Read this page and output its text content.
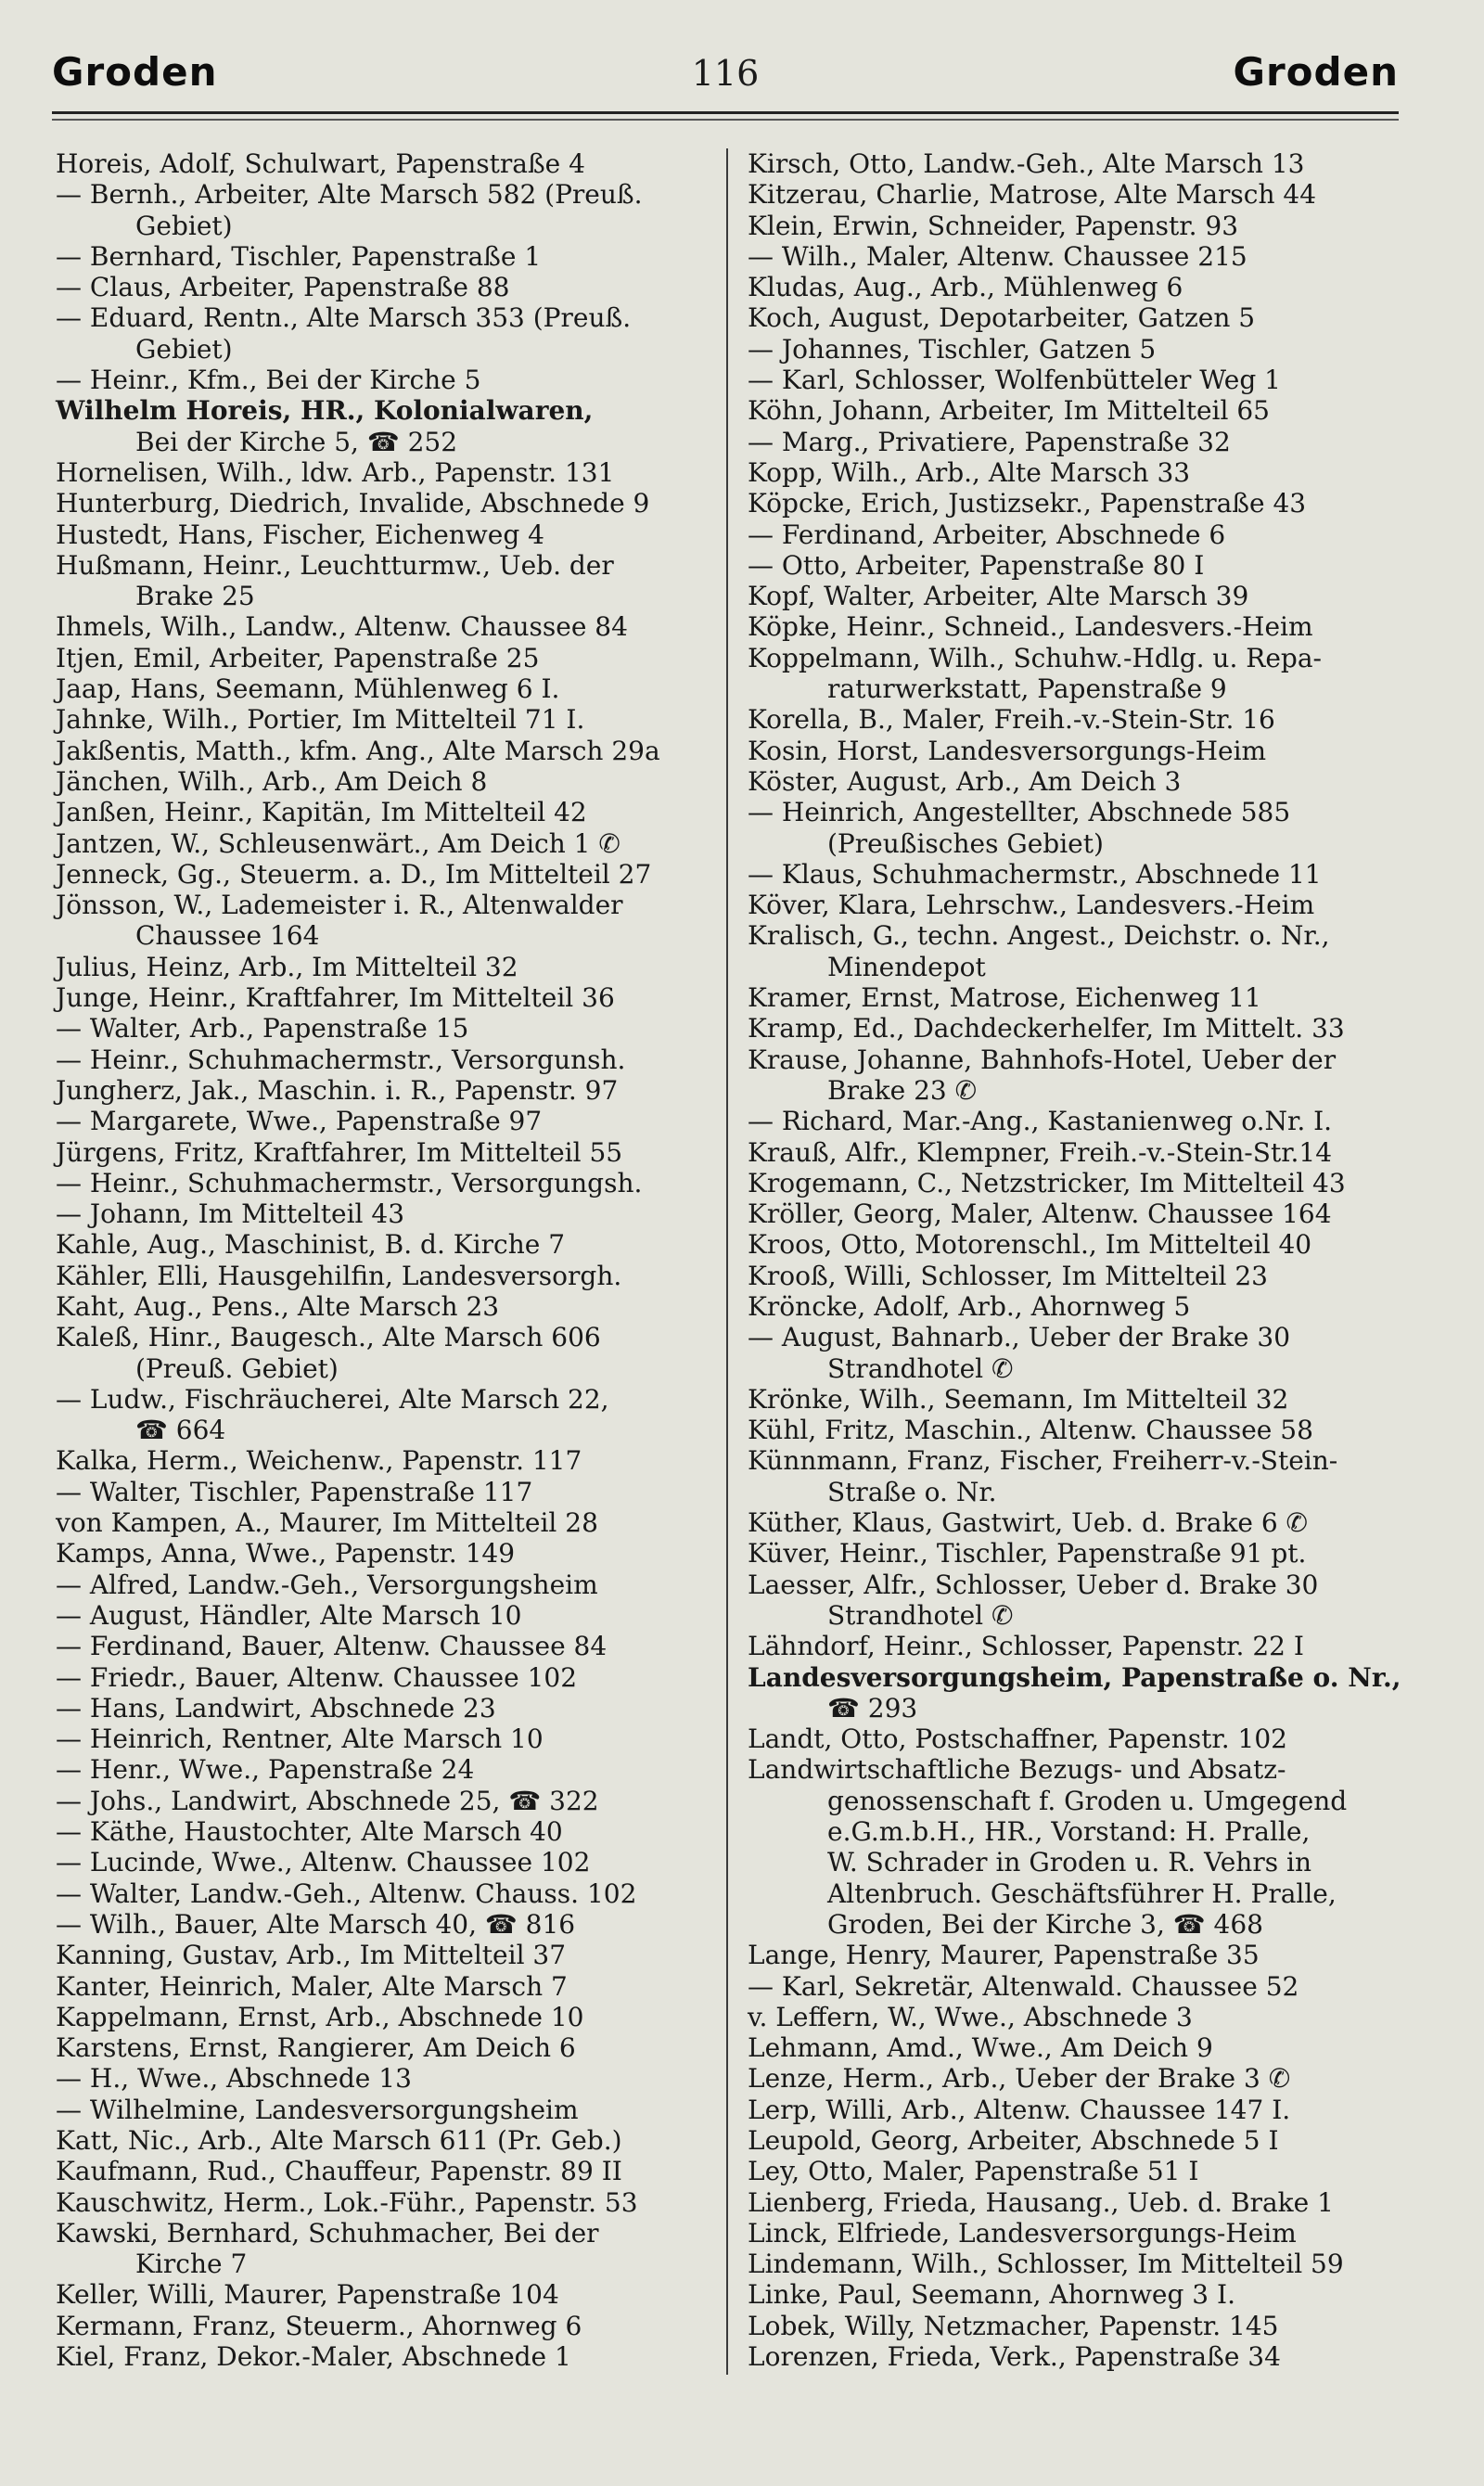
Groden	116	Groden
Horeis, Adolf, Schulwart, Papenstraße 4
— Bernh., Arbeiter, Alte Marsch 582 (Preuß.
Gebiet)
— Bernhard, Tischler, Papenstraße 1
— Claus, Arbeiter, Papenstraße 88
— Eduard, Rentn., Alte Marsch 353 (Preuß.
Gebiet)
— Heinr., Kfm., Bei der Kirche 5
Wilhelm Horeis, HR., Kolonialwaren,
Bei der Kirche 5, ☎ 252
Hornelisen, Wilh., ldw. Arb., Papenstr. 131
Hunterburg, Diedrich, Invalide, Abschnede 9
Hustedt, Hans, Fischer, Eichenweg 4
Hußmann, Heinr., Leuchtturmw., Ueb. der
Brake 25
Ihmels, Wilh., Landw., Altenw. Chaussee 84
Itjen, Emil, Arbeiter, Papenstraße 25
Jaap, Hans, Seemann, Mühlenweg 6 I.
Jahnke, Wilh., Portier, Im Mittelteil 71 I.
Jakßentis, Matth., kfm. Ang., Alte Marsch 29a
Jänchen, Wilh., Arb., Am Deich 8
Janßen, Heinr., Kapitän, Im Mittelteil 42
Jantzen, W., Schleusenwärt., Am Deich 1 ✆
Jenneck, Gg., Steuerm. a. D., Im Mittelteil 27
Jönsson, W., Lademeister i. R., Altenwalder
Chaussee 164
Julius, Heinz, Arb., Im Mittelteil 32
Junge, Heinr., Kraftfahrer, Im Mittelteil 36
— Walter, Arb., Papenstraße 15
— Heinr., Schuhmachermstr., Versorgunsh.
Jungherz, Jak., Maschin. i. R., Papenstr. 97
— Margarete, Wwe., Papenstraße 97
Jürgens, Fritz, Kraftfahrer, Im Mittelteil 55
— Heinr., Schuhmachermstr., Versorgungsh.
— Johann, Im Mittelteil 43
Kahle, Aug., Maschinist, B. d. Kirche 7
Kähler, Elli, Hausgehilfin, Landesversorgh.
Kaht, Aug., Pens., Alte Marsch 23
Kaleß, Hinr., Baugesch., Alte Marsch 606
(Preuß. Gebiet)
— Ludw., Fischräucherei, Alte Marsch 22,
☎ 664
Kalka, Herm., Weichenw., Papenstr. 117
— Walter, Tischler, Papenstraße 117
von Kampen, A., Maurer, Im Mittelteil 28
Kamps, Anna, Wwe., Papenstr. 149
— Alfred, Landw.-Geh., Versorgungsheim
— August, Händler, Alte Marsch 10
— Ferdinand, Bauer, Altenw. Chaussee 84
— Friedr., Bauer, Altenw. Chaussee 102
— Hans, Landwirt, Abschnede 23
— Heinrich, Rentner, Alte Marsch 10
— Henr., Wwe., Papenstraße 24
— Johs., Landwirt, Abschnede 25, ☎ 322
— Käthe, Haustochter, Alte Marsch 40
— Lucinde, Wwe., Altenw. Chaussee 102
— Walter, Landw.-Geh., Altenw. Chauss. 102
— Wilh., Bauer, Alte Marsch 40, ☎ 816
Kanning, Gustav, Arb., Im Mittelteil 37
Kanter, Heinrich, Maler, Alte Marsch 7
Kappelmann, Ernst, Arb., Abschnede 10
Karstens, Ernst, Rangierer, Am Deich 6
— H., Wwe., Abschnede 13
— Wilhelmine, Landesversorgungsheim
Katt, Nic., Arb., Alte Marsch 611 (Pr. Geb.)
Kaufmann, Rud., Chauffeur, Papenstr. 89 II
Kauschwitz, Herm., Lok.-Führ., Papenstr. 53
Kawski, Bernhard, Schuhmacher, Bei der
Kirche 7
Keller, Willi, Maurer, Papenstraße 104
Kermann, Franz, Steuerm., Ahornweg 6
Kiel, Franz, Dekor.-Maler, Abschnede 1
Kirsch, Otto, Landw.-Geh., Alte Marsch 13
Kitzerau, Charlie, Matrose, Alte Marsch 44
Klein, Erwin, Schneider, Papenstr. 93
— Wilh., Maler, Altenw. Chaussee 215
Kludas, Aug., Arb., Mühlenweg 6
Koch, August, Depotarbeiter, Gatzen 5
— Johannes, Tischler, Gatzen 5
— Karl, Schlosser, Wolfenbütteler Weg 1
Köhn, Johann, Arbeiter, Im Mittelteil 65
— Marg., Privatiere, Papenstraße 32
Kopp, Wilh., Arb., Alte Marsch 33
Köpcke, Erich, Justizsekr., Papenstraße 43
— Ferdinand, Arbeiter, Abschnede 6
— Otto, Arbeiter, Papenstraße 80 I
Kopf, Walter, Arbeiter, Alte Marsch 39
Köpke, Heinr., Schneid., Landesvers.-Heim
Koppelmann, Wilh., Schuhw.-Hdlg. u. Repa-
raturwerkstatt, Papenstraße 9
Korella, B., Maler, Freih.-v.-Stein-Str. 16
Kosin, Horst, Landesversorgungs-Heim
Köster, August, Arb., Am Deich 3
— Heinrich, Angestellter, Abschnede 585
(Preußisches Gebiet)
— Klaus, Schuhmachermstr., Abschnede 11
Köver, Klara, Lehrschw., Landesvers.-Heim
Kralisch, G., techn. Angest., Deichstr. o. Nr.,
Minendepot
Kramer, Ernst, Matrose, Eichenweg 11
Kramp, Ed., Dachdeckerhelfer, Im Mittelt. 33
Krause, Johanne, Bahnhofs-Hotel, Ueber der
Brake 23 ✆
— Richard, Mar.-Ang., Kastanienweg o.Nr. I.
Krauß, Alfr., Klempner, Freih.-v.-Stein-Str.14
Krogemann, C., Netzstricker, Im Mittelteil 43
Kröller, Georg, Maler, Altenw. Chaussee 164
Kroos, Otto, Motorenschl., Im Mittelteil 40
Krooß, Willi, Schlosser, Im Mittelteil 23
Kröncke, Adolf, Arb., Ahornweg 5
— August, Bahnarb., Ueber der Brake 30
Strandhotel ✆
Krönke, Wilh., Seemann, Im Mittelteil 32
Kühl, Fritz, Maschin., Altenw. Chaussee 58
Künnmann, Franz, Fischer, Freiherr-v.-Stein-
Straße o. Nr.
Küther, Klaus, Gastwirt, Ueb. d. Brake 6 ✆
Küver, Heinr., Tischler, Papenstraße 91 pt.
Laesser, Alfr., Schlosser, Ueber d. Brake 30
Strandhotel ✆
Lähndorf, Heinr., Schlosser, Papenstr. 22 I
Landesversorgungsheim, Papenstraße o. Nr.,
☎ 293
Landt, Otto, Postschaffner, Papenstr. 102
Landwirtschaftliche Bezugs- und Absatz-
genossenschaft f. Groden u. Umgegend
e.G.m.b.H., HR., Vorstand: H. Pralle,
W. Schrader in Groden u. R. Vehrs in
Altenbruch. Geschäftsführer H. Pralle,
Groden, Bei der Kirche 3, ☎ 468
Lange, Henry, Maurer, Papenstraße 35
— Karl, Sekretär, Altenwald. Chaussee 52
v. Leffern, W., Wwe., Abschnede 3
Lehmann, Amd., Wwe., Am Deich 9
Lenze, Herm., Arb., Ueber der Brake 3 ✆
Lerp, Willi, Arb., Altenw. Chaussee 147 I.
Leupold, Georg, Arbeiter, Abschnede 5 I
Ley, Otto, Maler, Papenstraße 51 I
Lienberg, Frieda, Hausang., Ueb. d. Brake 1
Linck, Elfriede, Landesversorgungs-Heim
Lindemann, Wilh., Schlosser, Im Mittelteil 59
Linke, Paul, Seemann, Ahornweg 3 I.
Lobek, Willy, Netzmacher, Papenstr. 145
Lorenzen, Frieda, Verk., Papenstraße 34
